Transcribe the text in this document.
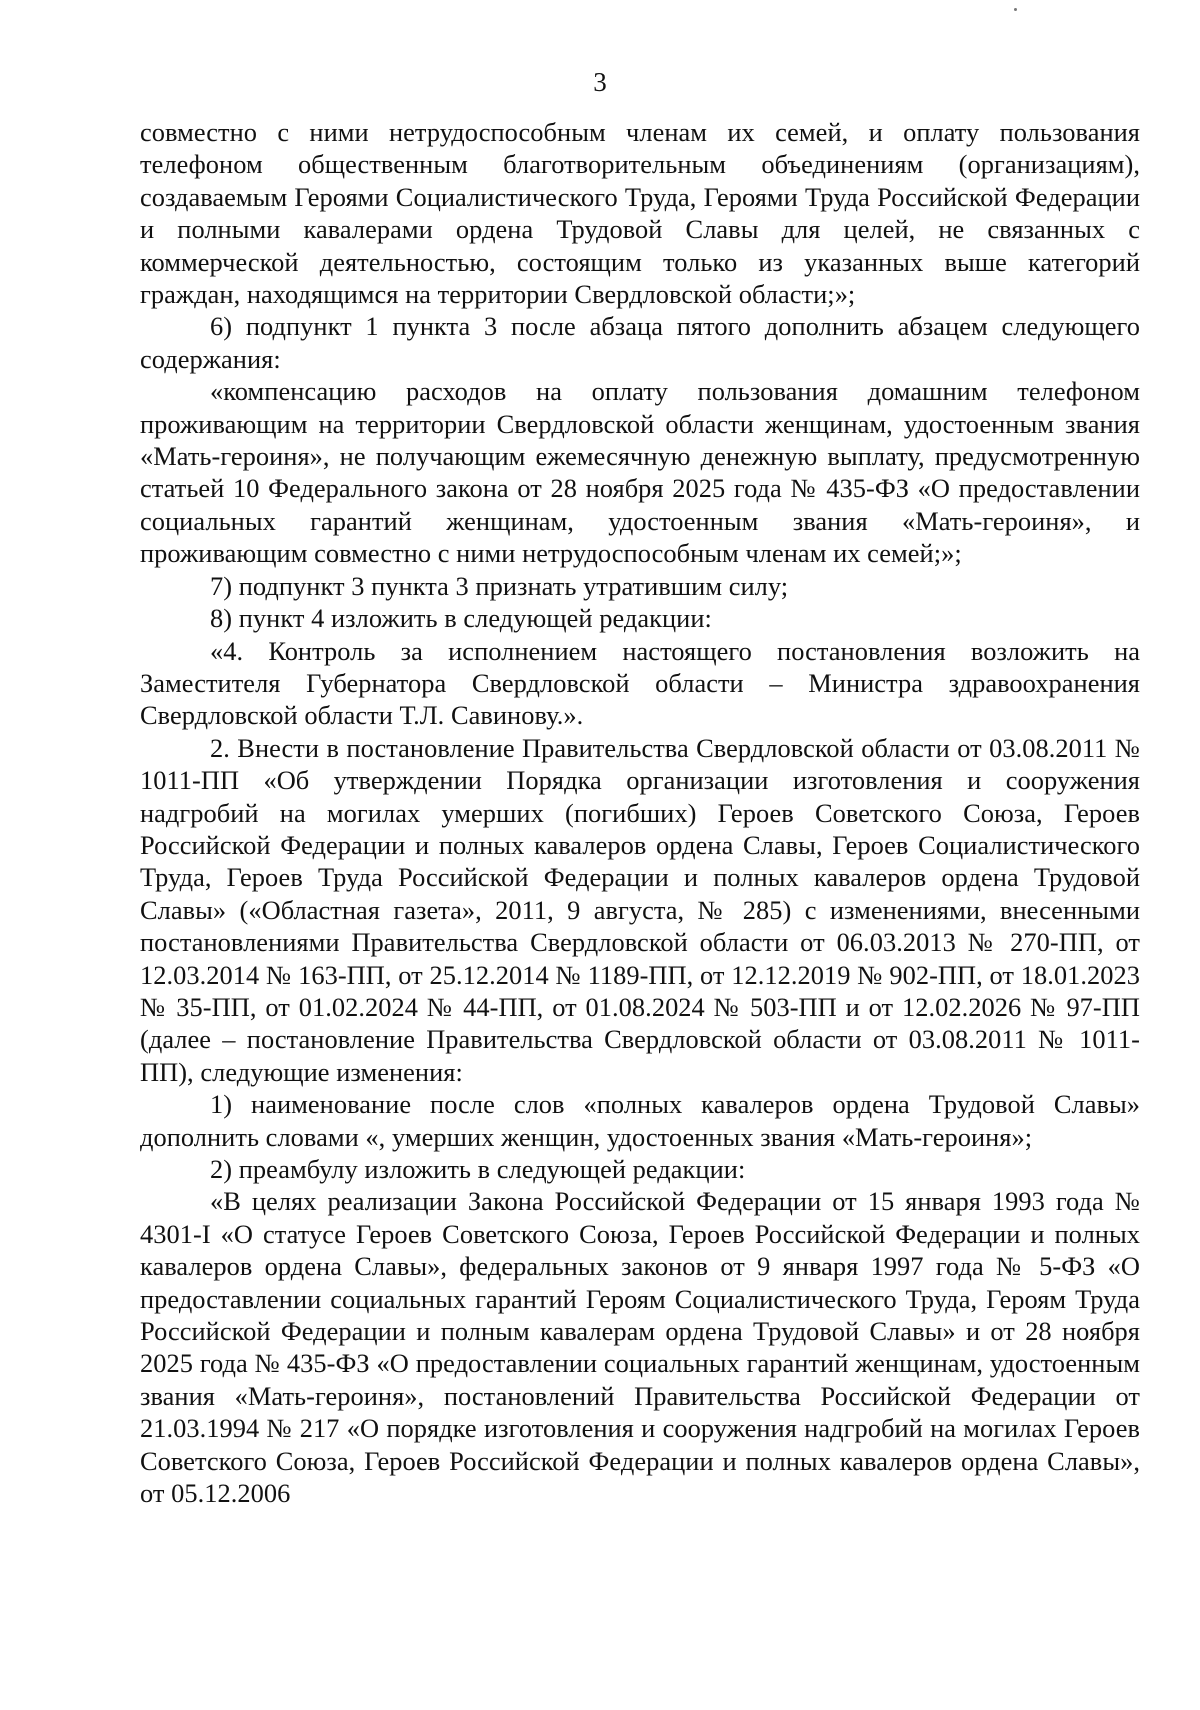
3

совместно с ними нетрудоспособным членам их семей, и оплату пользования телефоном общественным благотворительным объединениям (организациям), создаваемым Героями Социалистического Труда, Героями Труда Российской Федерации и полными кавалерами ордена Трудовой Славы для целей, не связанных с коммерческой деятельностью, состоящим только из указанных выше категорий граждан, находящимся на территории Свердловской области;»;

6) подпункт 1 пункта 3 после абзаца пятого дополнить абзацем следующего содержания:

«компенсацию расходов на оплату пользования домашним телефоном проживающим на территории Свердловской области женщинам, удостоенным звания «Мать-героиня», не получающим ежемесячную денежную выплату, предусмотренную статьей 10 Федерального закона от 28 ноября 2025 года № 435-ФЗ «О предоставлении социальных гарантий женщинам, удостоенным звания «Мать-героиня», и проживающим совместно с ними нетрудоспособным членам их семей;»;

7) подпункт 3 пункта 3 признать утратившим силу;

8) пункт 4 изложить в следующей редакции:

«4. Контроль за исполнением настоящего постановления возложить на Заместителя Губернатора Свердловской области – Министра здравоохранения Свердловской области Т.Л. Савинову.».

2. Внести в постановление Правительства Свердловской области от 03.08.2011 № 1011-ПП «Об утверждении Порядка организации изготовления и сооружения надгробий на могилах умерших (погибших) Героев Советского Союза, Героев Российской Федерации и полных кавалеров ордена Славы, Героев Социалистического Труда, Героев Труда Российской Федерации и полных кавалеров ордена Трудовой Славы» («Областная газета», 2011, 9 августа, № 285) с изменениями, внесенными постановлениями Правительства Свердловской области от 06.03.2013 № 270-ПП, от 12.03.2014 № 163-ПП, от 25.12.2014 № 1189-ПП, от 12.12.2019 № 902-ПП, от 18.01.2023 № 35-ПП, от 01.02.2024 № 44-ПП, от 01.08.2024 № 503-ПП и от 12.02.2026 № 97-ПП (далее – постановление Правительства Свердловской области от 03.08.2011 № 1011-ПП), следующие изменения:

1) наименование после слов «полных кавалеров ордена Трудовой Славы» дополнить словами «, умерших женщин, удостоенных звания «Мать-героиня»;

2) преамбулу изложить в следующей редакции:

«В целях реализации Закона Российской Федерации от 15 января 1993 года № 4301-I «О статусе Героев Советского Союза, Героев Российской Федерации и полных кавалеров ордена Славы», федеральных законов от 9 января 1997 года № 5-ФЗ «О предоставлении социальных гарантий Героям Социалистического Труда, Героям Труда Российской Федерации и полным кавалерам ордена Трудовой Славы» и от 28 ноября 2025 года № 435-ФЗ «О предоставлении социальных гарантий женщинам, удостоенным звания «Мать-героиня», постановлений Правительства Российской Федерации от 21.03.1994 № 217 «О порядке изготовления и сооружения надгробий на могилах Героев Советского Союза, Героев Российской Федерации и полных кавалеров ордена Славы», от 05.12.2006
